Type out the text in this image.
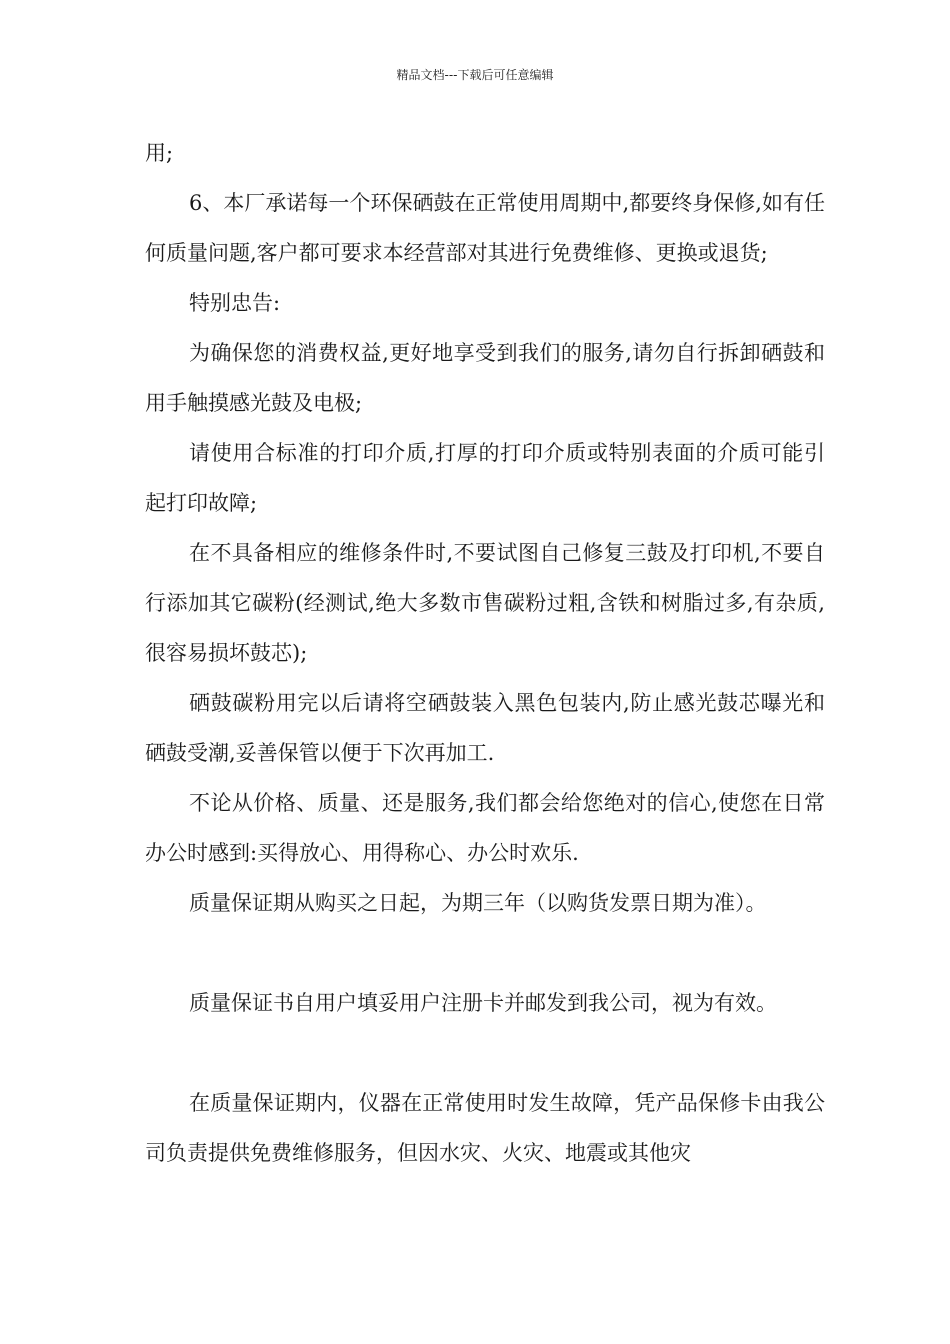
精品文档---下载后可任意编辑

用;

6、本厂承诺每一个环保硒鼓在正常使用周期中,都要终身保修,如有任何质量问题,客户都可要求本经营部对其进行免费维修、更换或退货;

特别忠告:

为确保您的消费权益,更好地享受到我们的服务,请勿自行拆卸硒鼓和用手触摸感光鼓及电极;

请使用合标准的打印介质,打厚的打印介质或特别表面的介质可能引起打印故障;

在不具备相应的维修条件时,不要试图自己修复三鼓及打印机,不要自行添加其它碳粉(经测试,绝大多数市售碳粉过粗,含铁和树脂过多,有杂质,很容易损坏鼓芯);

硒鼓碳粉用完以后请将空硒鼓装入黑色包装内,防止感光鼓芯曝光和硒鼓受潮,妥善保管以便于下次再加工.

不论从价格、质量、还是服务,我们都会给您绝对的信心,使您在日常办公时感到:买得放心、用得称心、办公时欢乐.

质量保证期从购买之日起，为期三年（以购货发票日期为准）。

质量保证书自用户填妥用户注册卡并邮发到我公司，视为有效。

在质量保证期内，仪器在正常使用时发生故障，凭产品保修卡由我公司负责提供免费维修服务，但因水灾、火灾、地震或其他灾
